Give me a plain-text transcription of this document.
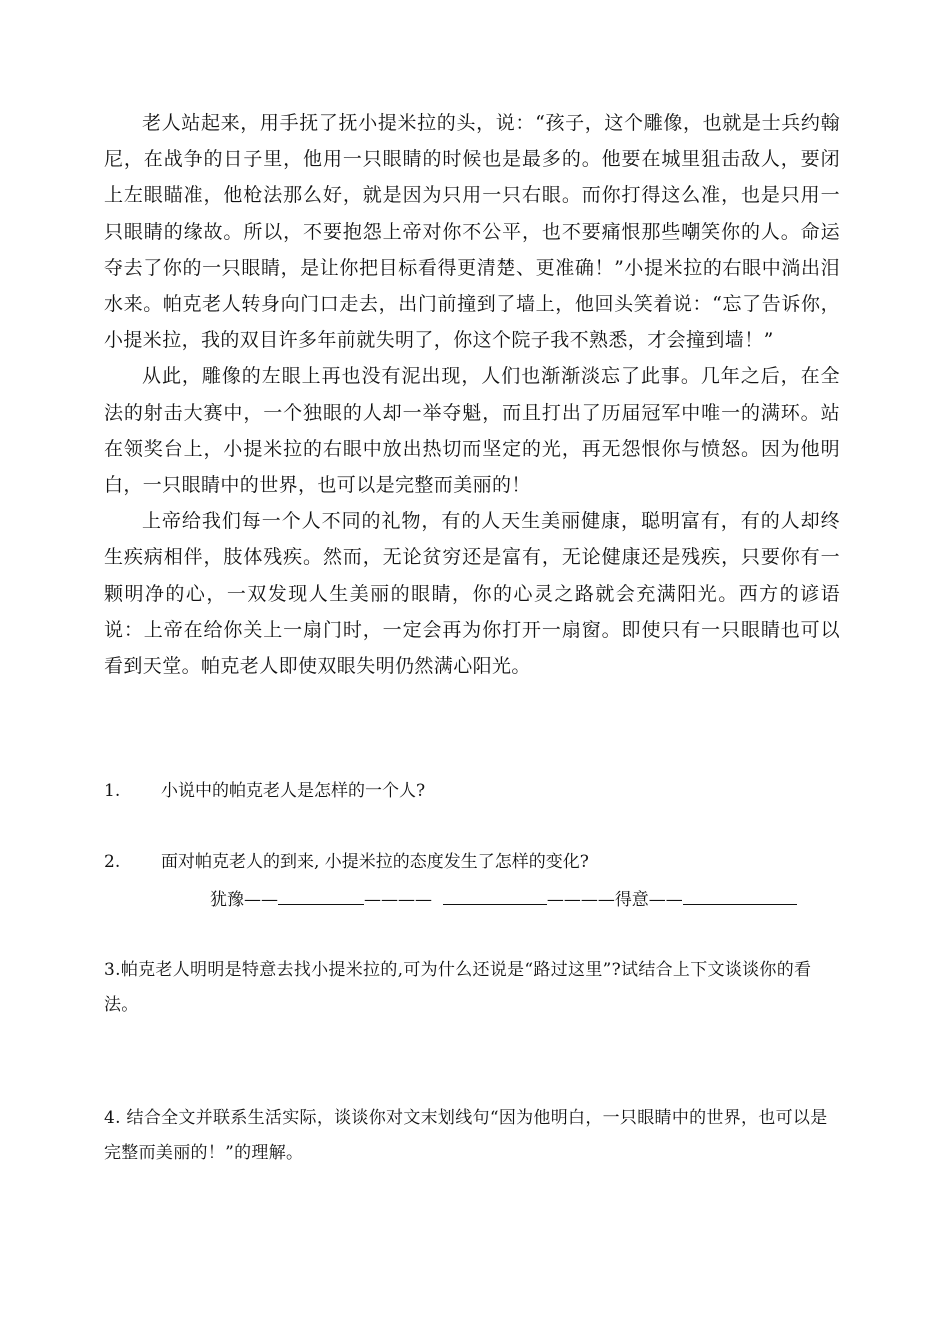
老人站起来，用手抚了抚小提米拉的头，说：“孩子，这个雕像，也就是士兵约翰尼，在战争的日子里，他用一只眼睛的时候也是最多的。他要在城里狙击敌人，要闭上左眼瞄准，他枪法那么好，就是因为只用一只右眼。而你打得这么准，也是只用一只眼睛的缘故。所以，不要抱怨上帝对你不公平，也不要痛恨那些嘲笑你的人。命运夺去了你的一只眼睛，是让你把目标看得更清楚、更准确！”小提米拉的右眼中淌出泪水来。帕克老人转身向门口走去，出门前撞到了墙上，他回头笑着说：“忘了告诉你，小提米拉，我的双目许多年前就失明了，你这个院子我不熟悉，才会撞到墙！”

从此，雕像的左眼上再也没有泥出现，人们也渐渐淡忘了此事。几年之后，在全法的射击大赛中，一个独眼的人却一举夺魁，而且打出了历届冠军中唯一的满环。站在领奖台上，小提米拉的右眼中放出热切而坚定的光，再无怨恨你与愤怒。因为他明白，一只眼睛中的世界，也可以是完整而美丽的！

上帝给我们每一个人不同的礼物，有的人天生美丽健康，聪明富有，有的人却终生疾病相伴，肢体残疾。然而，无论贫穷还是富有，无论健康还是残疾，只要你有一颗明净的心，一双发现人生美丽的眼睛，你的心灵之路就会充满阳光。西方的谚语说：上帝在给你关上一扇门时，一定会再为你打开一扇窗。即使只有一只眼睛也可以看到天堂。帕克老人即使双眼失明仍然满心阳光。

1.	小说中的帕克老人是怎样的一个人?
2.	面对帕克老人的到来, 小提米拉的态度发生了怎样的变化?
犹豫——	————	————得意——

3.帕克老人明明是特意去找小提米拉的,可为什么还说是“路过这里”?试结合上下文谈谈你的看法。

4. 结合全文并联系生活实际，谈谈你对文末划线句“因为他明白，一只眼睛中的世界，也可以是完整而美丽的！”的理解。
